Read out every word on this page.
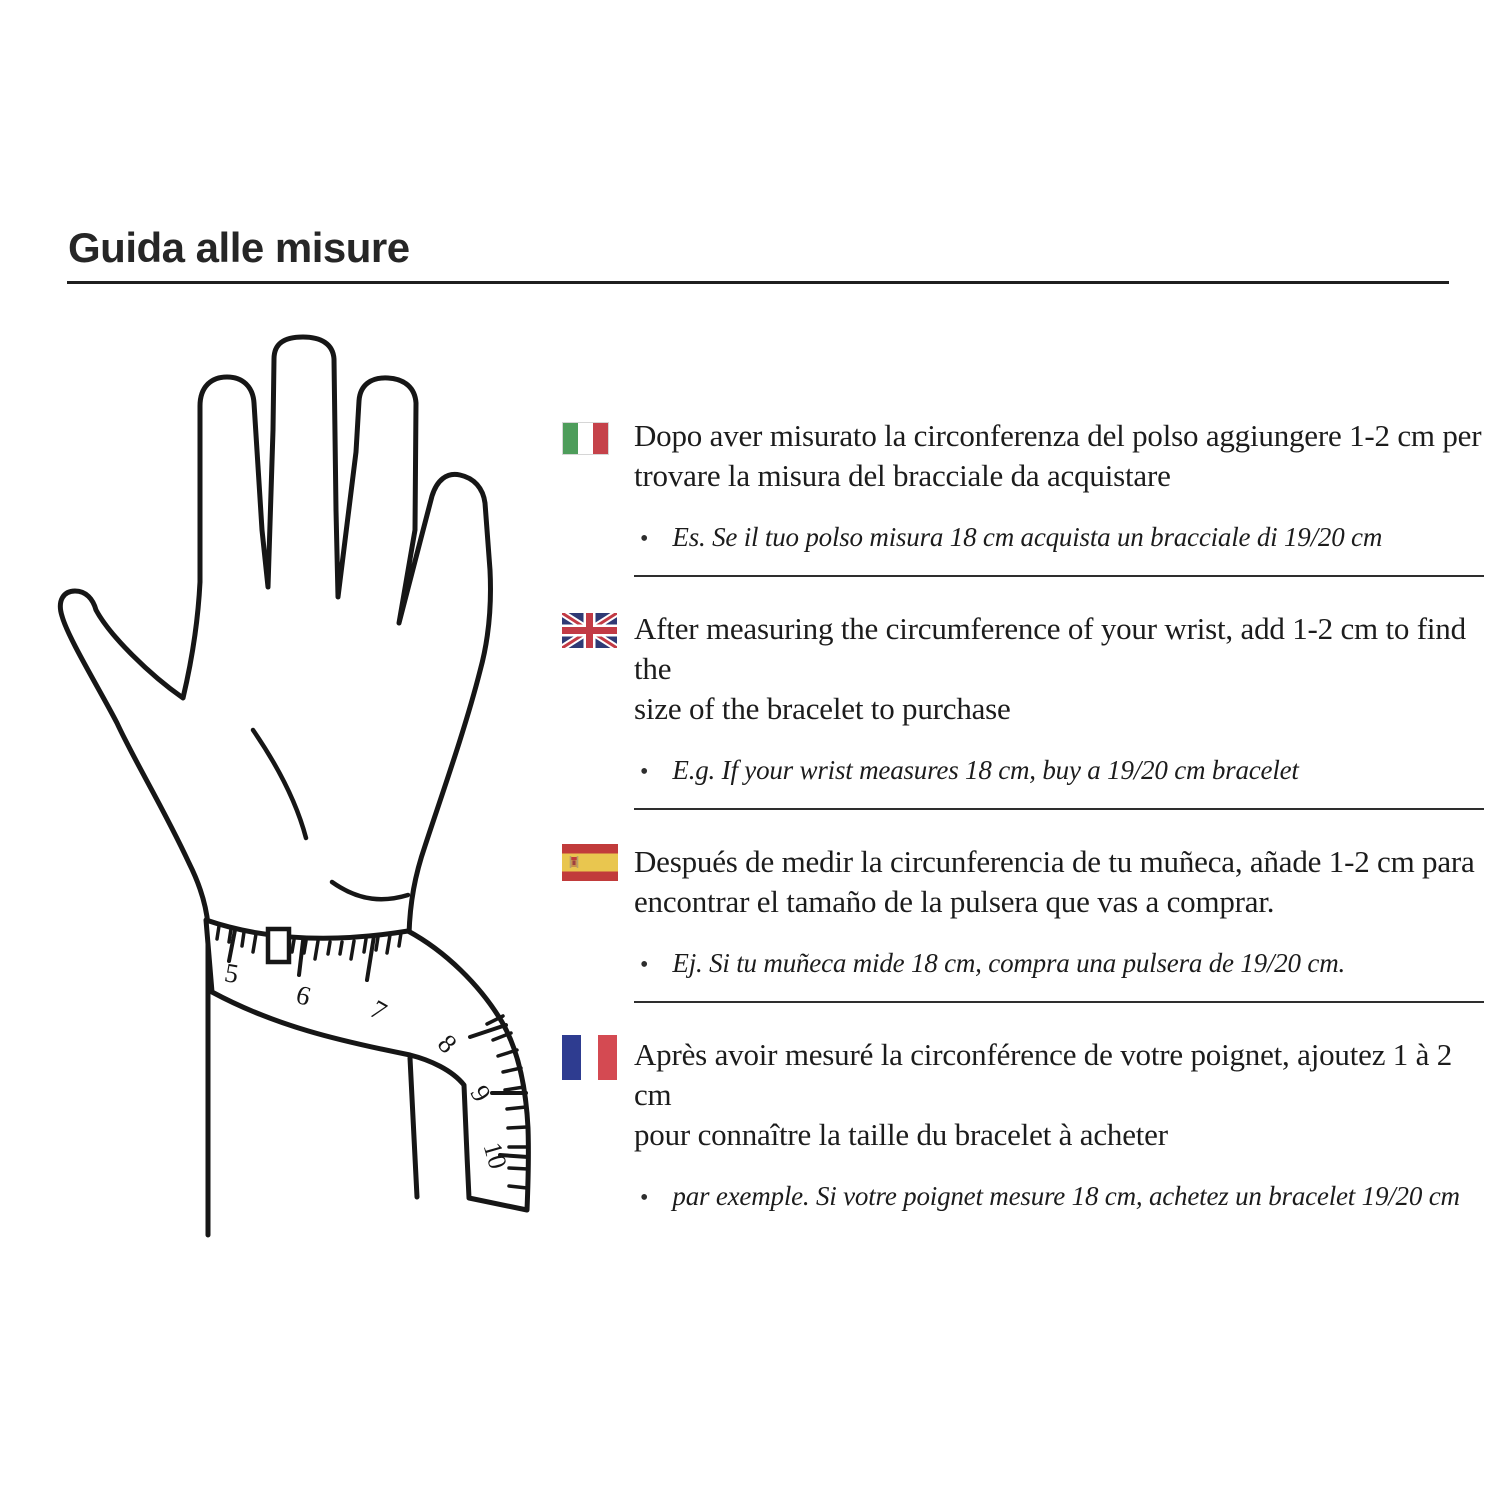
Guida alle misure
5
6 7
8
9
10

Dopo aver misurato la circonferenza del polso aggiungere 1-2 cm per
trovare la misura del bracciale da acquistare

• Es. Se il tuo polso misura 18 cm acquista un bracciale di 19/20 cm

After measuring the circumference of your wrist, add 1-2 cm to find the
size of the bracelet to purchase

• E.g. If your wrist measures 18 cm, buy a 19/20 cm bracelet

Después de medir la circunferencia de tu muñeca, añade 1-2 cm para
encontrar el tamaño de la pulsera que vas a comprar.

• Ej. Si tu muñeca mide 18 cm, compra una pulsera de 19/20 cm.

Après avoir mesuré la circonférence de votre poignet, ajoutez 1 à 2 cm
pour connaître la taille du bracelet à acheter

• par exemple. Si votre poignet mesure 18 cm, achetez un bracelet 19/20 cm
